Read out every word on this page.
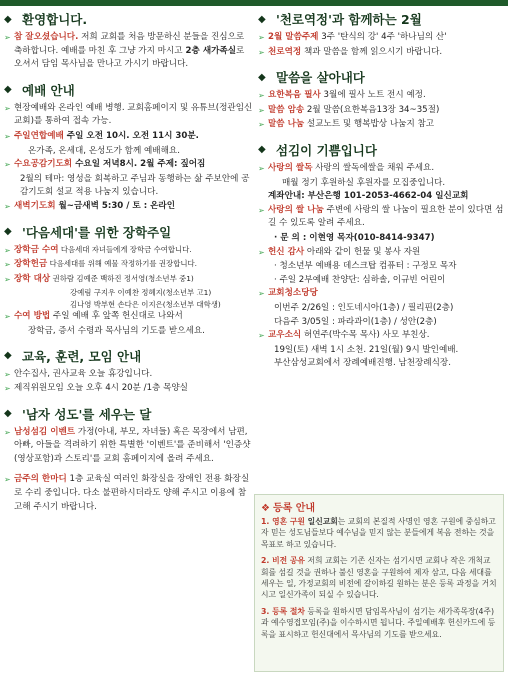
◆ 환영합니다.
➢ 참 잘오셨습니다. 저희 교회를 처음 방문하신 분들을 진심으로 축하합니다. 예배를 마친 후 그냥 가지 마시고 2층 새가족실로 오셔서 담임 목사님을 만나고 가시기 바랍니다.
◆ 예배 안내
➢ 현장예배와 온라인 예배 병행. 교회홈페이지 및 유튜브(정관임신교회)를 통하여 접속 가능.
➢ 주일연합예배 주일 오전 10시. 오전 11시 30분.
온가족, 온세대, 온성도가 함께 예배해요.
➢ 수요공감기도회 수요일 저녁8시. 2월 주제: 짚어짐
2월의 테마: 영성을 회복하고 주님과 동행하는 삶 주보안에 공감기도회 설교 적용 나눔지 있습니다.
➢ 새벽기도회 월~금새벽 5:30 / 토 : 온라인
◆ '다음세대'를 위한 장학주일
➢ 장학금 수여 다음세대 자녀들에게 장학금 수여합니다.
➢ 장학헌금 다음세대를 위해 예물 작정하기를 권장합니다.
➢ 장학 대상 권하람 김예준 백하진 정서영(청소년부 중1)
강예림 구지우 이예찬 정혜지(청소년부 고1)
김나영 박부현 손다은 이지은(청소년부 대학생)
➢ 수여 방법 주일 예배 후 앞쪽 헌신대로 나와서
장학금, 증서 수령과 목사님의 기도를 받으세요.
◆ 교육, 훈련, 모임 안내
➢ 안수집사, 권사교육 오늘 휴강입니다.
➢ 제직위원모임 오늘 오후 4시 20분 /1층 목양실
◆ '남자 성도'를 세우는 달
➢ 남성섬김 이벤트 가정(아내, 부모, 자녀들) 혹은 목장에서 남편, 아빠, 아들을 격려하기 위한 특별한 '이벤트'를 준비해서 '인증샷(영상포함)과 스토리'를 교회 홈페이지에 올려 주세요.
➢ 금주의 한마디 1층 교육실 여러인 화장실을 장애인 전용 화장실로 수리 중입니다. 다소 불편하시더라도 양해 주시고 이용에 참고해 주시기 바랍니다.
◆ '천로역정'과 함께하는 2월
➢ 2월 말씀주제 3주 '탄식의 강' 4주 '하나님의 산'
➢ 천로역정 책과 말씀을 함께 읽으시기 바랍니다.
◆ 말씀을 살아내다
➢ 요한복음 필사 3월에 필사 노트 전시 예정.
➢ 말씀 암송 2월 말씀(요한복음13장 34~35절)
➢ 말씀 나눔 설교노트 및 행복밥상 나눔지 참고
◆ 섬김이 기쁨입니다
➢ 사랑의 쌀독 사랑의 쌀독에쌀을 채워 주세요.
매월 정기 후원하실 후원자를 모집중입니다.
계좌안내: 부산은행 101-2053-4662-04 일신교회
➢ 사랑의 쌀 나눔 주변에 사랑의 쌀 나눔이 필요한 분이 있다면 섬길 수 있도록 알려 주세요.
· 문 의 : 이현영 목자(010-8414-9347)
➢ 헌신 감사 아래와 같이 헌물 및 봉사 자원
· 청소년부 예배용 데스크탑 컴퓨터 : 구정모 목자
· 주일 2부예배 찬양단: 심하솔, 이규빈 어린이
➢ 교회청소당당
이번주 2/26일 : 인도네시아(1층) / 필리핀(2층)
다음주 3/05일 : 파라과이(1층) / 성안(2층)
➢ 교우소식 허연주(박수목 목사) 사모 부친상.
19일(토) 새벽 1시 소천. 21일(월) 9시 발인예배.
부산삼성교회에서 장례예배진행. 남천장례식장.
❖ 등록 안내

1. 영혼 구원 일신교회는 교회의 본질적 사명인 영혼 구원에 중심하고자 믿는 성도님들보다 예수님을 믿지 않는 분들에게 복음 전하는 것을 목표로 하고 있습니다.

2. 비전 공유 저희 교회는 기존 신자는 섬기시면 교회나 작은 개척교회를 섬길 것을 권하나 불신 영혼을 구원하여 제자 삼고, 다음 세대를 세우는 일, 가정교회의 비전에 갈이하길 원하는 분은 등록 과정을 거치시고 일신가족이 되실 수 있습니다.

3. 등록 절차 등록을 원하시면 담임목사님이 섬기는 새가족목장(4주)과 예수영접모임(주)을 이수하시면 됩니다. 주일예배후 헌신카드에 등록을 표시하고 헌신대에서 목사님의 기도를 받으세요.
